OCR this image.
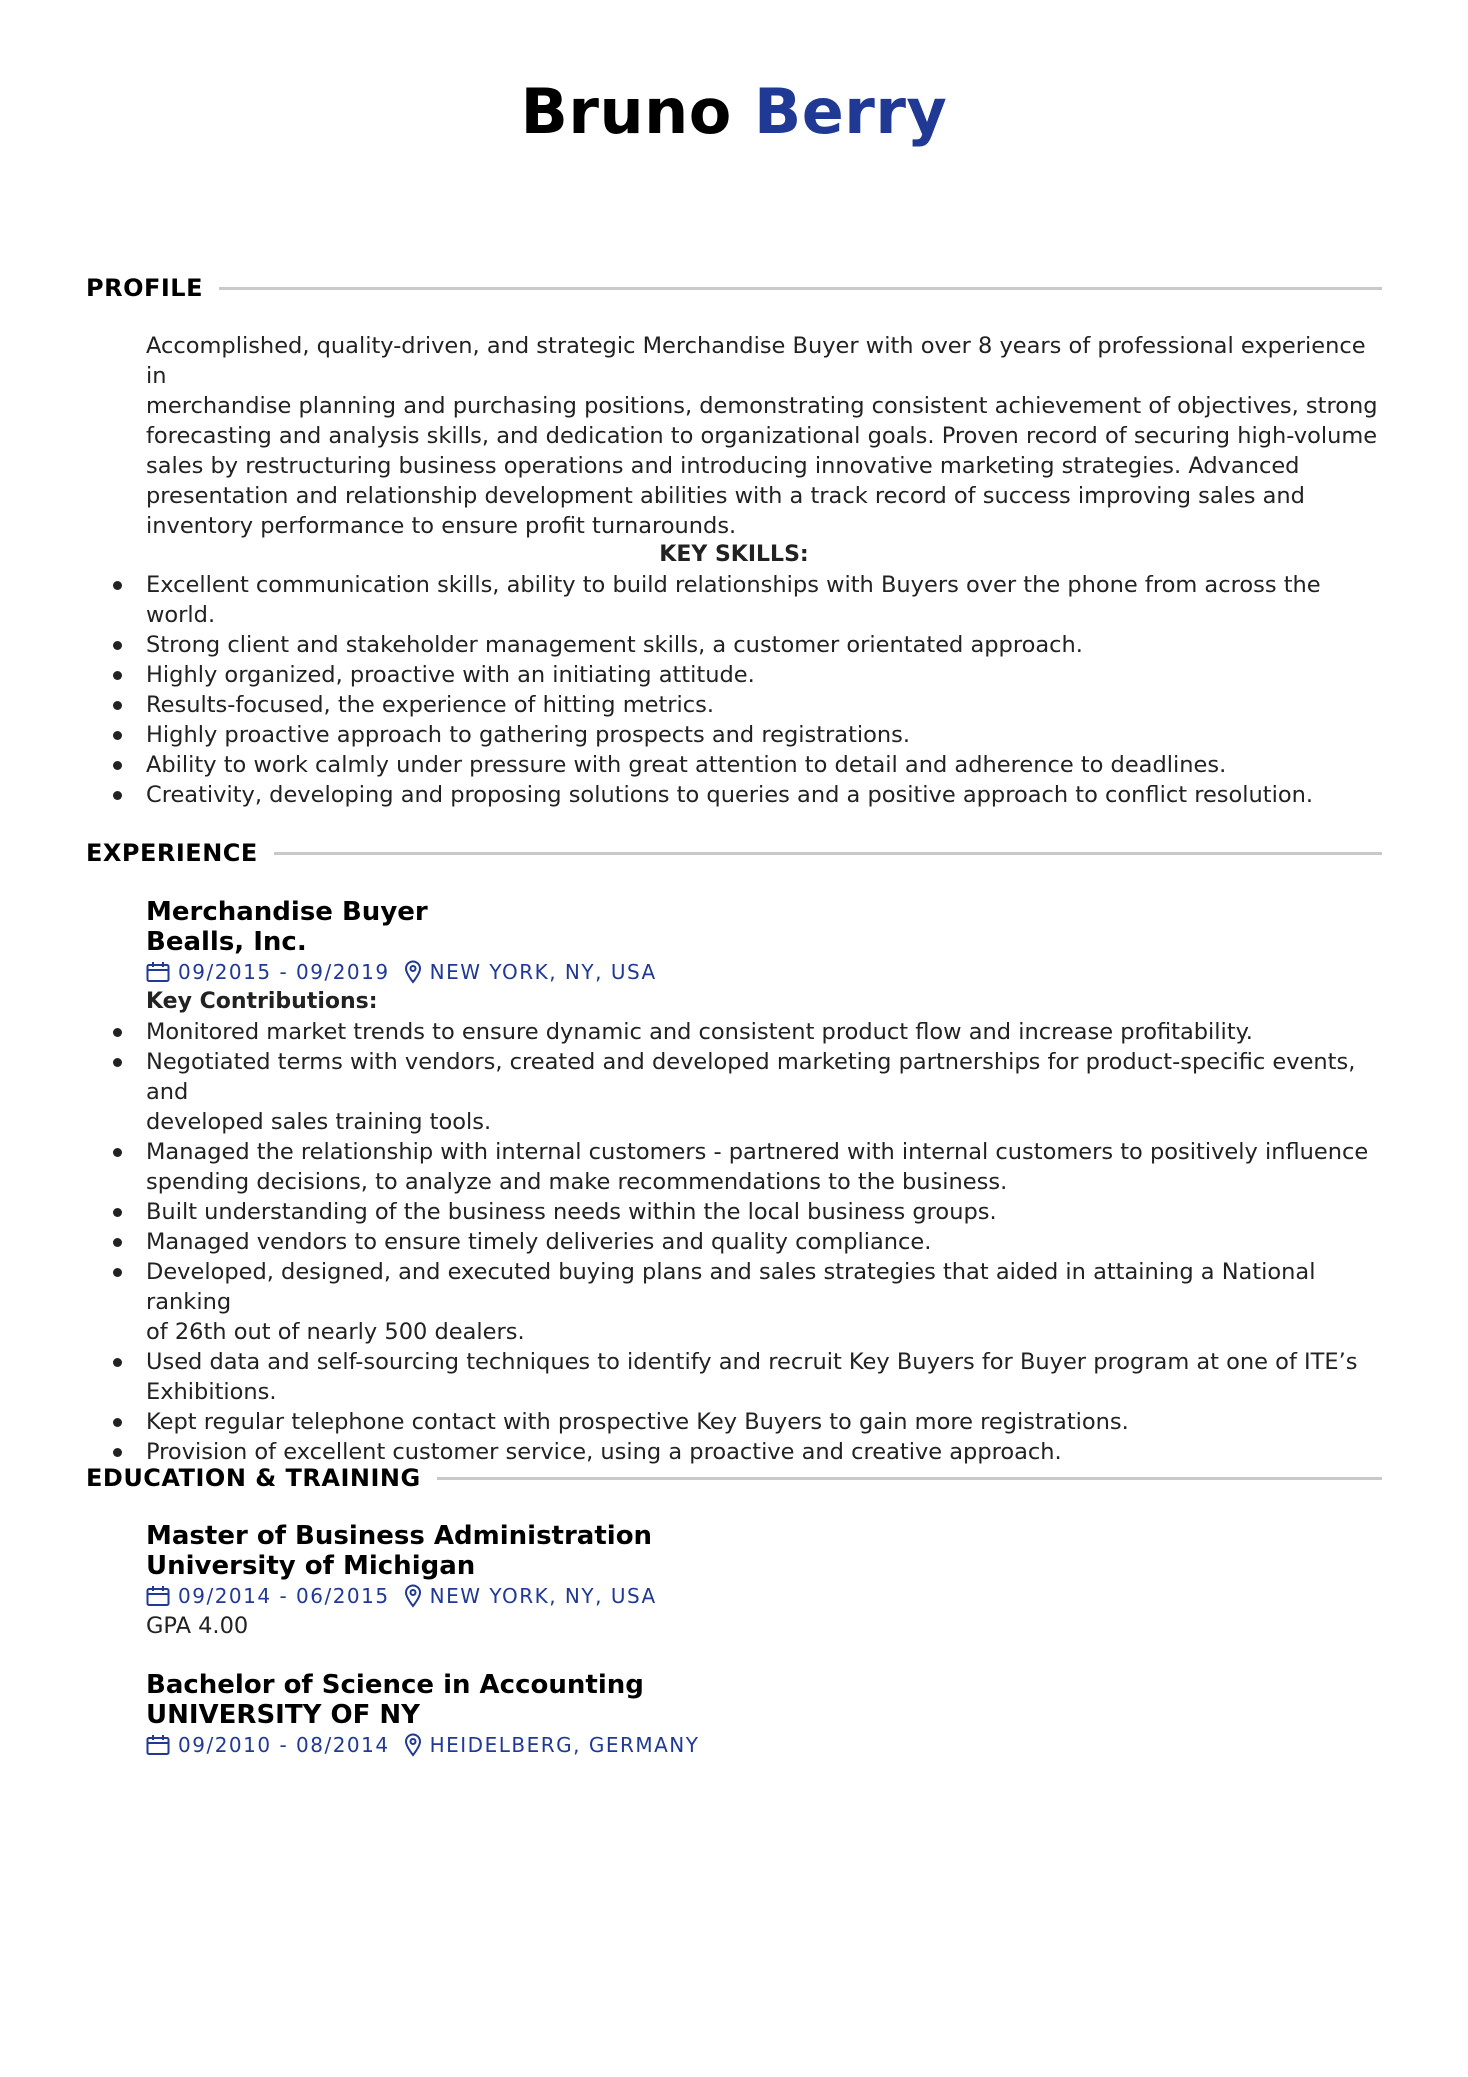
Bruno Berry
PROFILE

Accomplished, quality-driven, and strategic Merchandise Buyer with over 8 years of professional experience in

merchandise planning and purchasing positions, demonstrating consistent achievement of objectives, strong

forecasting and analysis skills, and dedication to organizational goals. Proven record of securing high-volume

sales by restructuring business operations and introducing innovative marketing strategies. Advanced

presentation and relationship development abilities with a track record of success improving sales and

inventory performance to ensure profit turnarounds.

KEY SKILLS:
Excellent communication skills, ability to build relationships with Buyers over the phone from across the world.
Strong client and stakeholder management skills, a customer orientated approach.
Highly organized, proactive with an initiating attitude.
Results-focused, the experience of hitting metrics.
Highly proactive approach to gathering prospects and registrations.
Ability to work calmly under pressure with great attention to detail and adherence to deadlines.
Creativity, developing and proposing solutions to queries and a positive approach to conflict resolution.
EXPERIENCE
Merchandise Buyer
Bealls, Inc.
09/2015 - 09/2019 NEW YORK, NY, USA
Key Contributions:
Monitored market trends to ensure dynamic and consistent product flow and increase profitability.
Negotiated terms with vendors, created and developed marketing partnerships for product-specific events, and
developed sales training tools.
Managed the relationship with internal customers - partnered with internal customers to positively influence
spending decisions, to analyze and make recommendations to the business.
Built understanding of the business needs within the local business groups.
Managed vendors to ensure timely deliveries and quality compliance.
Developed, designed, and executed buying plans and sales strategies that aided in attaining a National ranking
of 26th out of nearly 500 dealers.
Used data and self-sourcing techniques to identify and recruit Key Buyers for Buyer program at one of ITE’s
Exhibitions.
Kept regular telephone contact with prospective Key Buyers to gain more registrations.
Provision of excellent customer service, using a proactive and creative approach.
EDUCATION & TRAINING
Master of Business Administration
University of Michigan
09/2014 - 06/2015 NEW YORK, NY, USA
GPA 4.00
Bachelor of Science in Accounting
UNIVERSITY OF NY
09/2010 - 08/2014 HEIDELBERG, GERMANY
